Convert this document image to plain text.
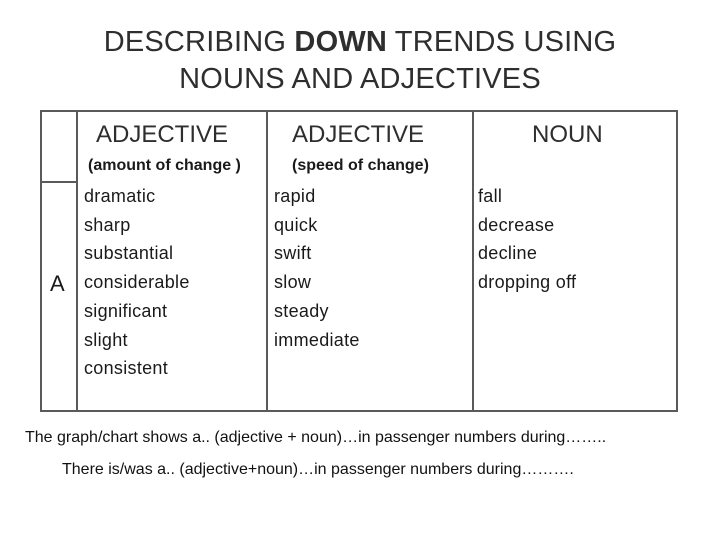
DESCRIBING DOWN TRENDS USING
NOUNS AND ADJECTIVES
ADJECTIVE
(amount of change )
ADJECTIVE
(speed of change)
NOUN
A
dramatic
sharp
substantial
considerable
significant
slight
consistent
rapid
quick
swift
slow
steady
immediate
fall
decrease
decline
dropping off
The graph/chart shows a.. (adjective + noun)…in passenger numbers during……..
There is/was a.. (adjective+noun)…in passenger numbers during……….
